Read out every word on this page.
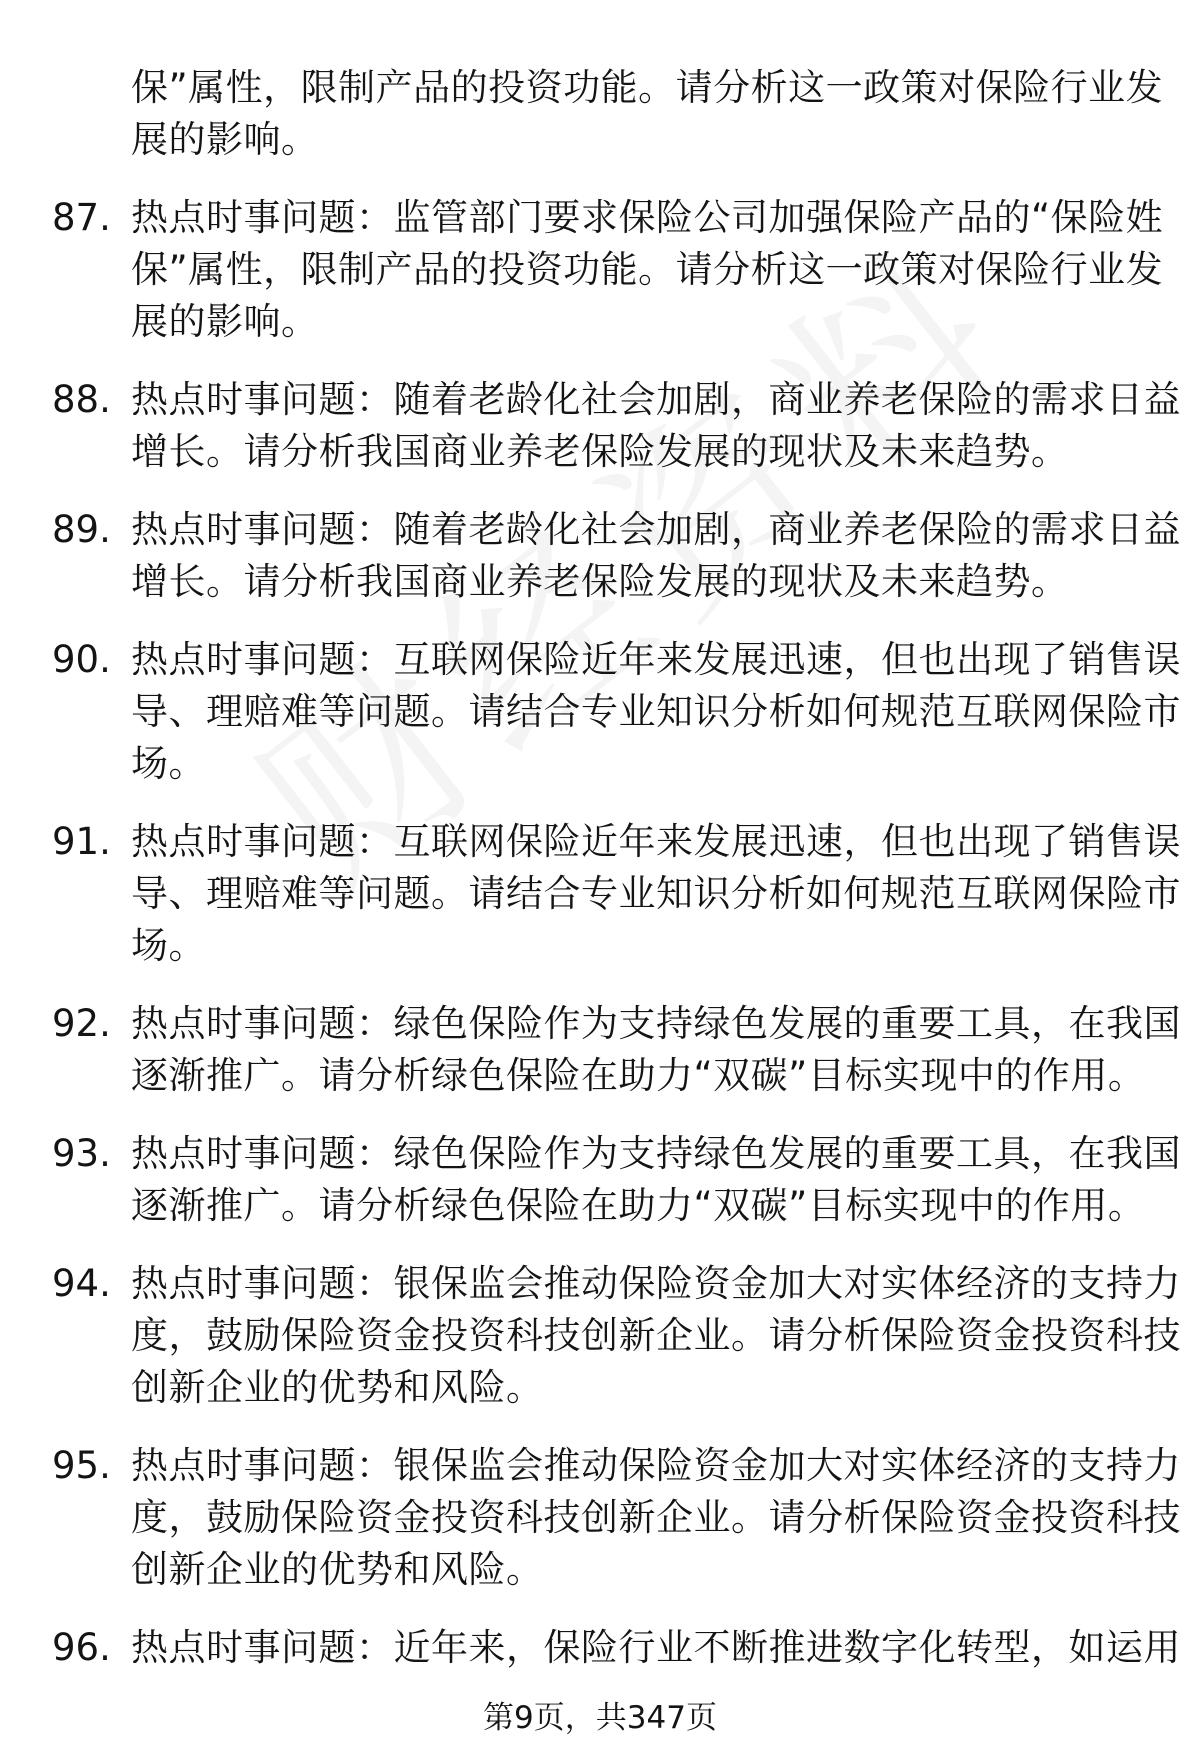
保”属性，限制产品的投资功能。请分析这一政策对保险行业发
展的影响。
87. 热点时事问题：监管部门要求保险公司加强保险产品的“保险姓
保”属性，限制产品的投资功能。请分析这一政策对保险行业发
展的影响。
88. 热点时事问题：随着老龄化社会加剧，商业养老保险的需求日益
增长。请分析我国商业养老保险发展的现状及未来趋势。
89. 热点时事问题：随着老龄化社会加剧，商业养老保险的需求日益
增长。请分析我国商业养老保险发展的现状及未来趋势。
90. 热点时事问题：互联网保险近年来发展迅速，但也出现了销售误
导、理赔难等问题。请结合专业知识分析如何规范互联网保险市
场。
91. 热点时事问题：互联网保险近年来发展迅速，但也出现了销售误
导、理赔难等问题。请结合专业知识分析如何规范互联网保险市
场。
92. 热点时事问题：绿色保险作为支持绿色发展的重要工具，在我国
逐渐推广。请分析绿色保险在助力“双碳”目标实现中的作用。
93. 热点时事问题：绿色保险作为支持绿色发展的重要工具，在我国
逐渐推广。请分析绿色保险在助力“双碳”目标实现中的作用。
94. 热点时事问题：银保监会推动保险资金加大对实体经济的支持力
度，鼓励保险资金投资科技创新企业。请分析保险资金投资科技
创新企业的优势和风险。
95. 热点时事问题：银保监会推动保险资金加大对实体经济的支持力
度，鼓励保险资金投资科技创新企业。请分析保险资金投资科技
创新企业的优势和风险。
96. 热点时事问题：近年来，保险行业不断推进数字化转型，如运用
第9页，共347页
